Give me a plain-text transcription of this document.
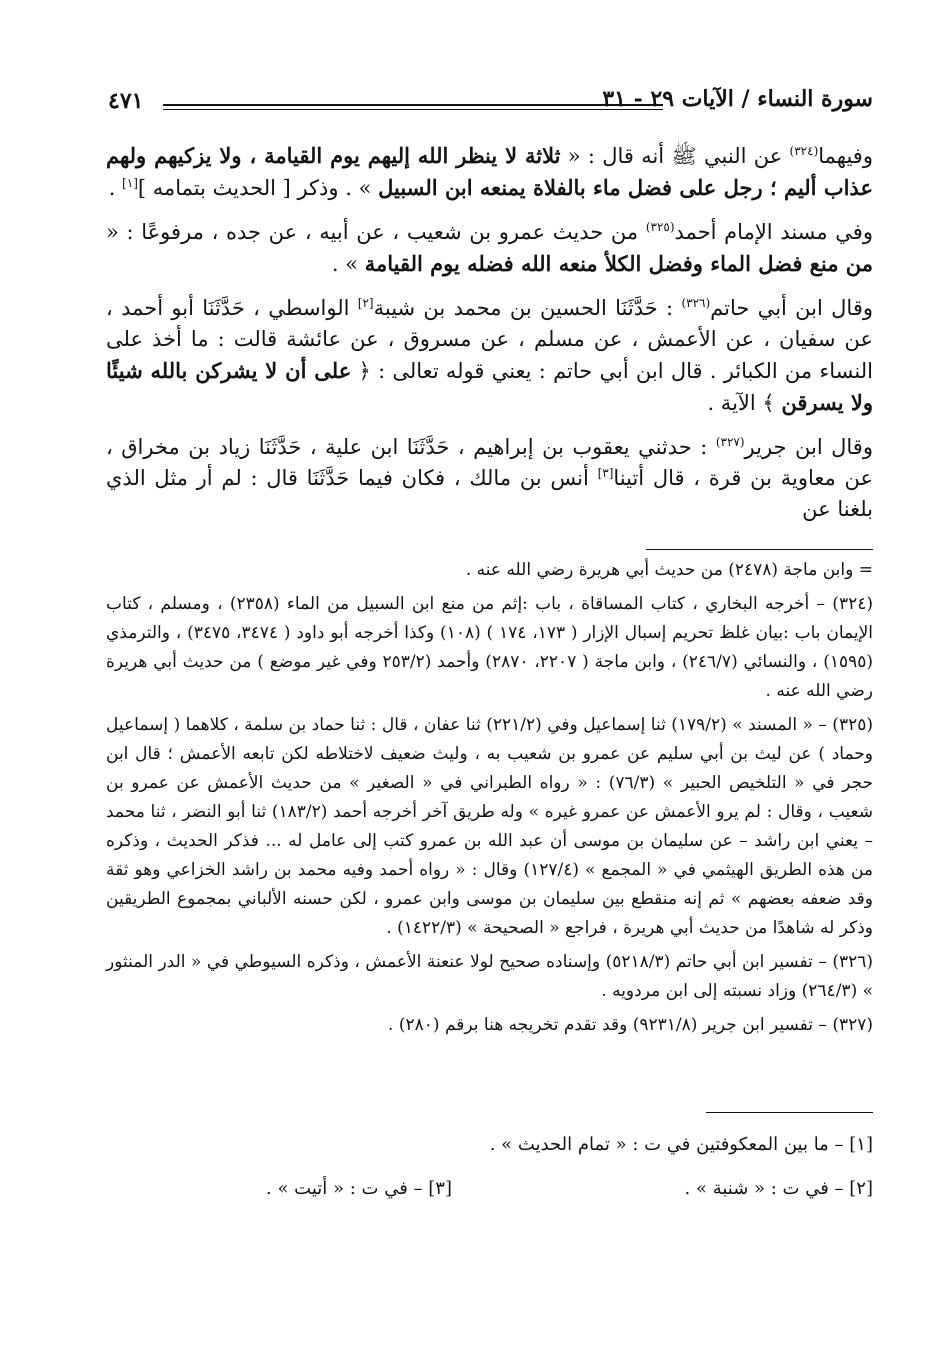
٤٧١	سورة النساء / الآيات ٢٩ - ٣١

وفيهما$^{(٣٢٤)}$ عن النبي ﷺ أنه قال : « ثلاثة لا ينظر الله إليهم يوم القيامة ، ولا يزكيهم ولهم عذاب أليم ؛ رجل على فضل ماء بالفلاة يمنعه ابن السبيل » . وذكر [ الحديث بتمامه ][١] .

وفي مسند الإمام أحمد$^{(٣٢٥)}$ من حديث عمرو بن شعيب ، عن أبيه ، عن جده ، مرفوعًا : « من منع فضل الماء وفضل الكلأ منعه الله فضله يوم القيامة » .

وقال ابن أبي حاتم$^{(٣٢٦)}$ : حَدَّثَنَا الحسين بن محمد بن شيبة[٢] الواسطي ، حَدَّثَنَا أبو أحمد ، عن سفيان ، عن الأعمش ، عن مسلم ، عن مسروق ، عن عائشة قالت : ما أخذ على النساء من الكبائر . قال ابن أبي حاتم : يعني قوله تعالى : ﴿ على أن لا يشركن بالله شيئًا ولا يسرقن ﴾ الآية .

وقال ابن جرير$^{(٣٢٧)}$ : حدثني يعقوب بن إبراهيم ، حَدَّثَنَا ابن علية ، حَدَّثَنَا زياد بن مخراق ، عن معاوية بن قرة ، قال أتينا[٣] أنس بن مالك ، فكان فيما حَدَّثَنَا قال : لم أر مثل الذي بلغنا عن

= وابن ماجة (٢٤٧٨) من حديث أبي هريرة رضي الله عنه .

(٣٢٤) – أخرجه البخاري ، كتاب المساقاة ، باب :إثم من منع ابن السبيل من الماء (٢٣٥٨) ، ومسلم ، كتاب الإيمان باب :بيان غلظ تحريم إسبال الإزار ( ١٧٣، ١٧٤ ) (١٠٨) وكذا أخرجه أبو داود ( ٣٤٧٤، ٣٤٧٥) ، والترمذي (١٥٩٥) ، والنسائي (٢٤٦/٧) ، وابن ماجة ( ٢٢٠٧، ٢٨٧٠) وأحمد (٢٥٣/٢ وفي غير موضع ) من حديث أبي هريرة رضي الله عنه .

(٣٢٥) – « المسند » (١٧٩/٢) ثنا إسماعيل وفي (٢٢١/٢) ثنا عفان ، قال : ثنا حماد بن سلمة ، كلاهما ( إسماعيل وحماد ) عن ليث بن أبي سليم عن عمرو بن شعيب به ، وليث ضعيف لاختلاطه لكن تابعه الأعمش ؛ قال ابن حجر في « التلخيص الحبير » (٧٦/٣) : « رواه الطبراني في « الصغير » من حديث الأعمش عن عمرو بن شعيب ، وقال : لم يرو الأعمش عن عمرو غيره » وله طريق آخر أخرجه أحمد (١٨٣/٢) ثنا أبو النضر ، ثنا محمد – يعني ابن راشد – عن سليمان بن موسى أن عبد الله بن عمرو كتب إلى عامل له ... فذكر الحديث ، وذكره من هذه الطريق الهيثمي في « المجمع » (١٢٧/٤) وقال : « رواه أحمد وفيه محمد بن راشد الخزاعي وهو ثقة وقد ضعفه بعضهم » ثم إنه منقطع بين سليمان بن موسى وابن عمرو ، لكن حسنه الألباني بمجموع الطريقين وذكر له شاهدًا من حديث أبي هريرة ، فراجع « الصحيحة » (١٤٢٢/٣) .

(٣٢٦) – تفسير ابن أبي حاتم (٥٢١٨/٣) وإسناده صحيح لولا عنعنة الأعمش ، وذكره السيوطي في « الدر المنثور » (٢٦٤/٣) وزاد نسبته إلى ابن مردويه .

(٣٢٧) – تفسير ابن جرير (٩٢٣١/٨) وقد تقدم تخريجه هنا برقم (٢٨٠) .

[١] – ما بين المعكوفتين في ت : « تمام الحديث » .

[٢] – في ت : « شنبة » .
[٣] – في ت : « أتيت » .
